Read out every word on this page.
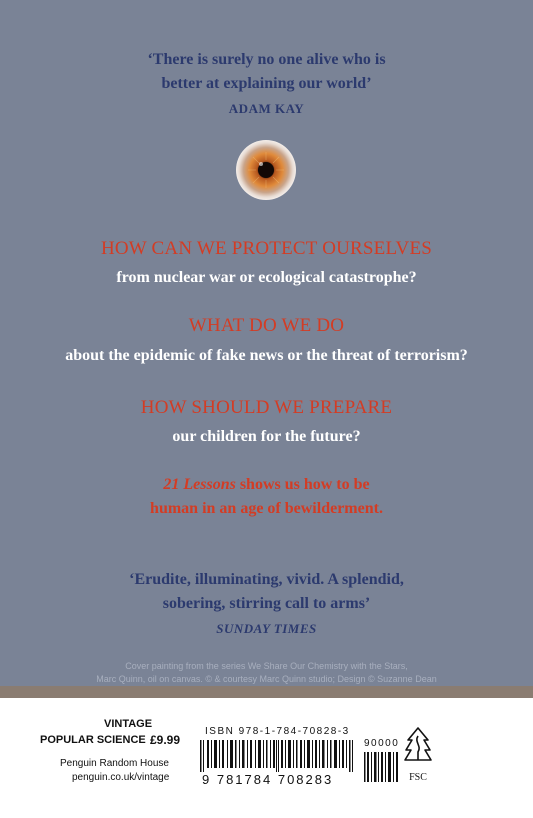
‘There is surely no one alive who is
better at explaining our world’
ADAM KAY
HOW CAN WE PROTECT OURSELVES
from nuclear war or ecological catastrophe?
WHAT DO WE DO
about the epidemic of fake news or the threat of terrorism?
HOW SHOULD WE PREPARE
our children for the future?
21 Lessons shows us how to be
human in an age of bewilderment.
‘Erudite, illuminating, vivid. A splendid,
sobering, stirring call to arms’
SUNDAY TIMES
Cover painting from the series We Share Our Chemistry with the Stars,
Marc Quinn, oil on canvas. © & courtesy Marc Quinn studio; Design © Suzanne Dean
VINTAGE
POPULAR SCIENCE £9.99
Penguin Random House
penguin.co.uk/vintage
ISBN 978-1-784-70828-3
9 781784 708283
90000
FSC
